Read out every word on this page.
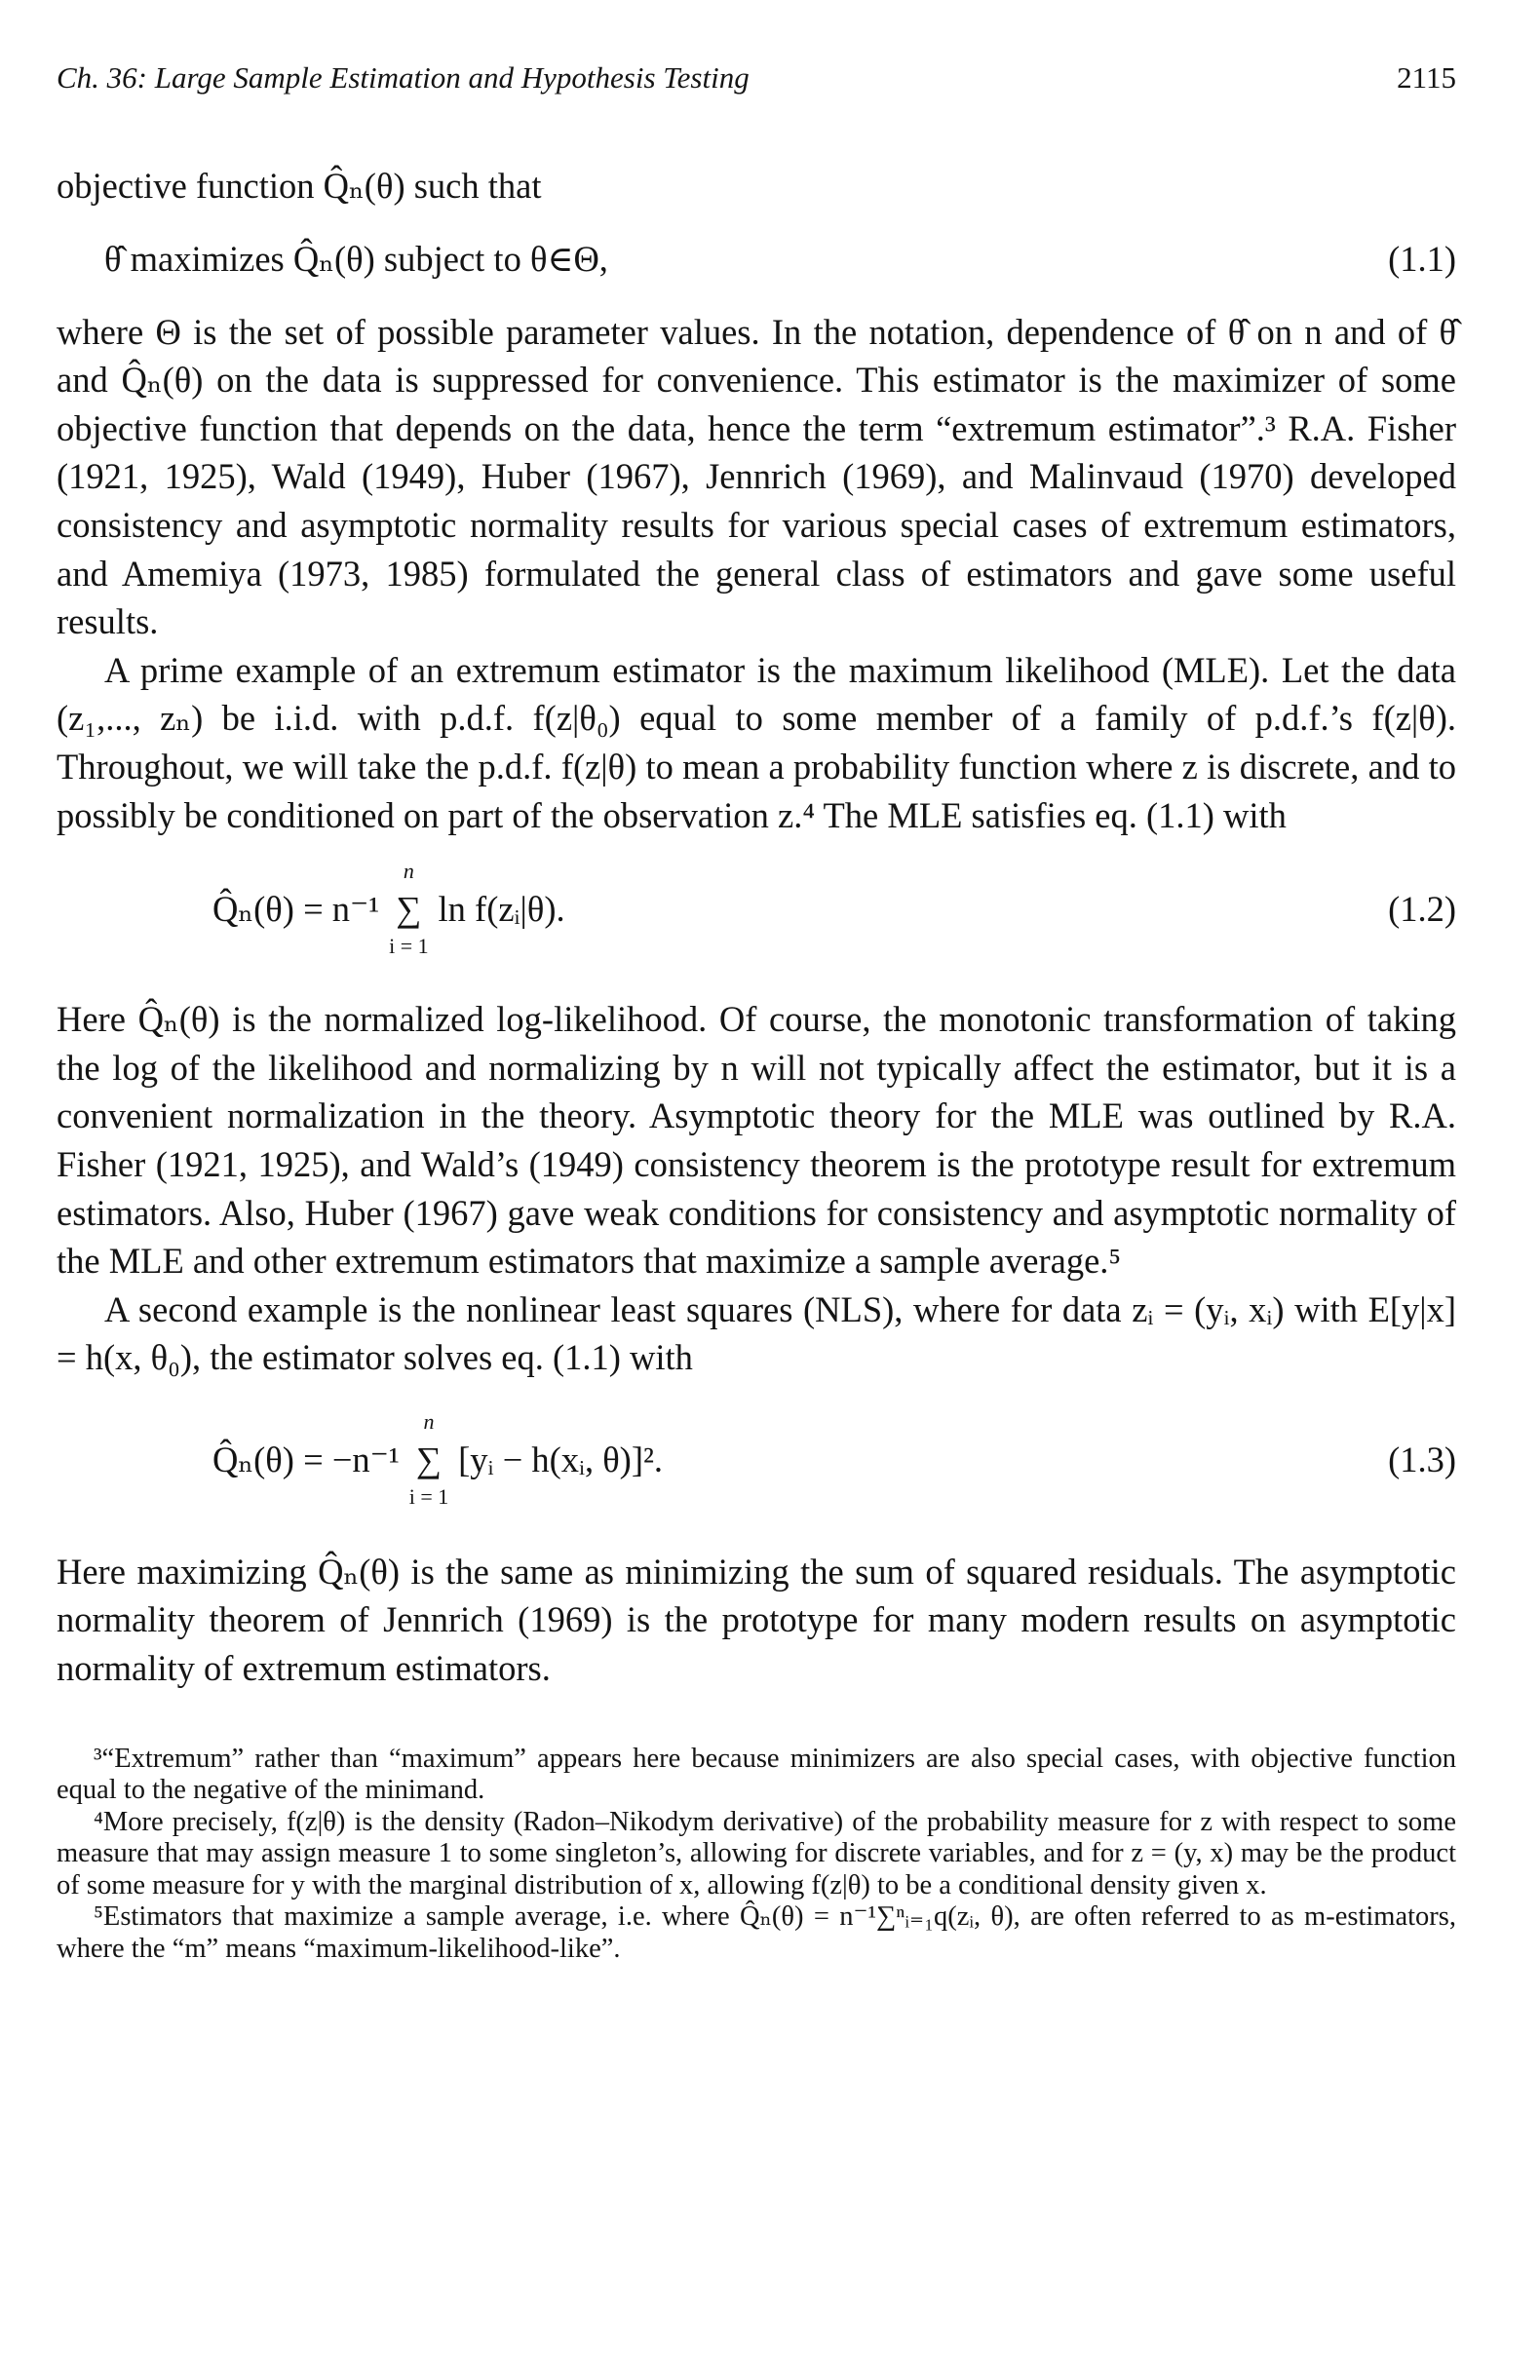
Ch. 36: Large Sample Estimation and Hypothesis Testing	2115

objective function Q̂ₙ(θ) such that

θ̂ maximizes Q̂ₙ(θ) subject to θ∈Θ,	(1.1)

where Θ is the set of possible parameter values. In the notation, dependence of θ̂ on n and of θ̂ and Q̂ₙ(θ) on the data is suppressed for convenience. This estimator is the maximizer of some objective function that depends on the data, hence the term “extremum estimator”.³ R.A. Fisher (1921, 1925), Wald (1949), Huber (1967), Jennrich (1969), and Malinvaud (1970) developed consistency and asymptotic normality results for various special cases of extremum estimators, and Amemiya (1973, 1985) formulated the general class of estimators and gave some useful results.

A prime example of an extremum estimator is the maximum likelihood (MLE). Let the data (z₁,..., zₙ) be i.i.d. with p.d.f. f(z|θ₀) equal to some member of a family of p.d.f.’s f(z|θ). Throughout, we will take the p.d.f. f(z|θ) to mean a probability function where z is discrete, and to possibly be conditioned on part of the observation z.⁴ The MLE satisfies eq. (1.1) with

Q̂ₙ(θ) = n⁻¹ ∑
n
i = 1
ln f(zᵢ|θ).	(1.2)

Here Q̂ₙ(θ) is the normalized log-likelihood. Of course, the monotonic transformation of taking the log of the likelihood and normalizing by n will not typically affect the estimator, but it is a convenient normalization in the theory. Asymptotic theory for the MLE was outlined by R.A. Fisher (1921, 1925), and Wald’s (1949) consistency theorem is the prototype result for extremum estimators. Also, Huber (1967) gave weak conditions for consistency and asymptotic normality of the MLE and other extremum estimators that maximize a sample average.⁵

A second example is the nonlinear least squares (NLS), where for data zᵢ = (yᵢ, xᵢ) with E[y|x] = h(x, θ₀), the estimator solves eq. (1.1) with

Q̂ₙ(θ) = −n⁻¹ ∑
n
i = 1
[yᵢ − h(xᵢ, θ)]².	(1.3)

Here maximizing Q̂ₙ(θ) is the same as minimizing the sum of squared residuals. The asymptotic normality theorem of Jennrich (1969) is the prototype for many modern results on asymptotic normality of extremum estimators.

³“Extremum” rather than “maximum” appears here because minimizers are also special cases, with objective function equal to the negative of the minimand.

⁴More precisely, f(z|θ) is the density (Radon–Nikodym derivative) of the probability measure for z with respect to some measure that may assign measure 1 to some singleton’s, allowing for discrete variables, and for z = (y, x) may be the product of some measure for y with the marginal distribution of x, allowing f(z|θ) to be a conditional density given x.

⁵Estimators that maximize a sample average, i.e. where Q̂ₙ(θ) = n⁻¹∑ⁿᵢ₌₁q(zᵢ, θ), are often referred to as m-estimators, where the “m” means “maximum-likelihood-like”.
